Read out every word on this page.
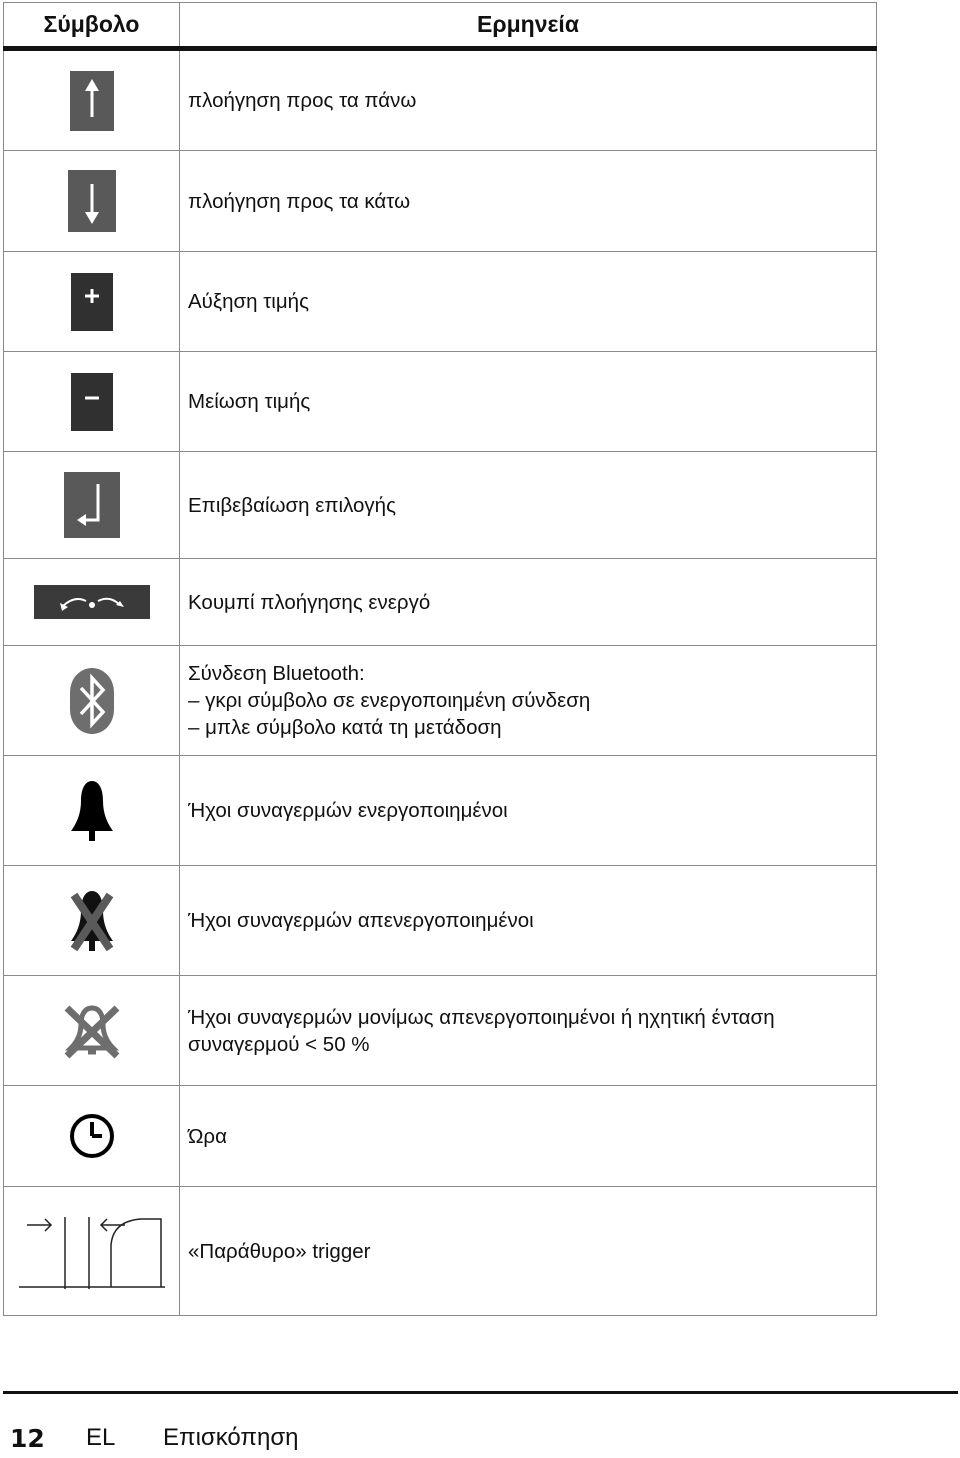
Σύμβολο	Ερμηνεία

	πλοήγηση προς τα πάνω

	πλοήγηση προς τα κάτω

	Αύξηση τιμής

	Μείωση τιμής

	Επιβεβαίωση επιλογής

	Κουμπί πλοήγησης ενεργό

	Σύνδεση Bluetooth:
– γκρι σύμβολο σε ενεργοποιημένη σύνδεση
– μπλε σύμβολο κατά τη μετάδοση

	Ήχοι συναγερμών ενεργοποιημένοι

	Ήχοι συναγερμών απενεργοποιημένοι

	Ήχοι συναγερμών μονίμως απενεργοποιημένοι ή ηχητική ένταση
συναγερμού < 50 %

	Ώρα

	«Παράθυρο» trigger
12 EL Επισκόπηση
